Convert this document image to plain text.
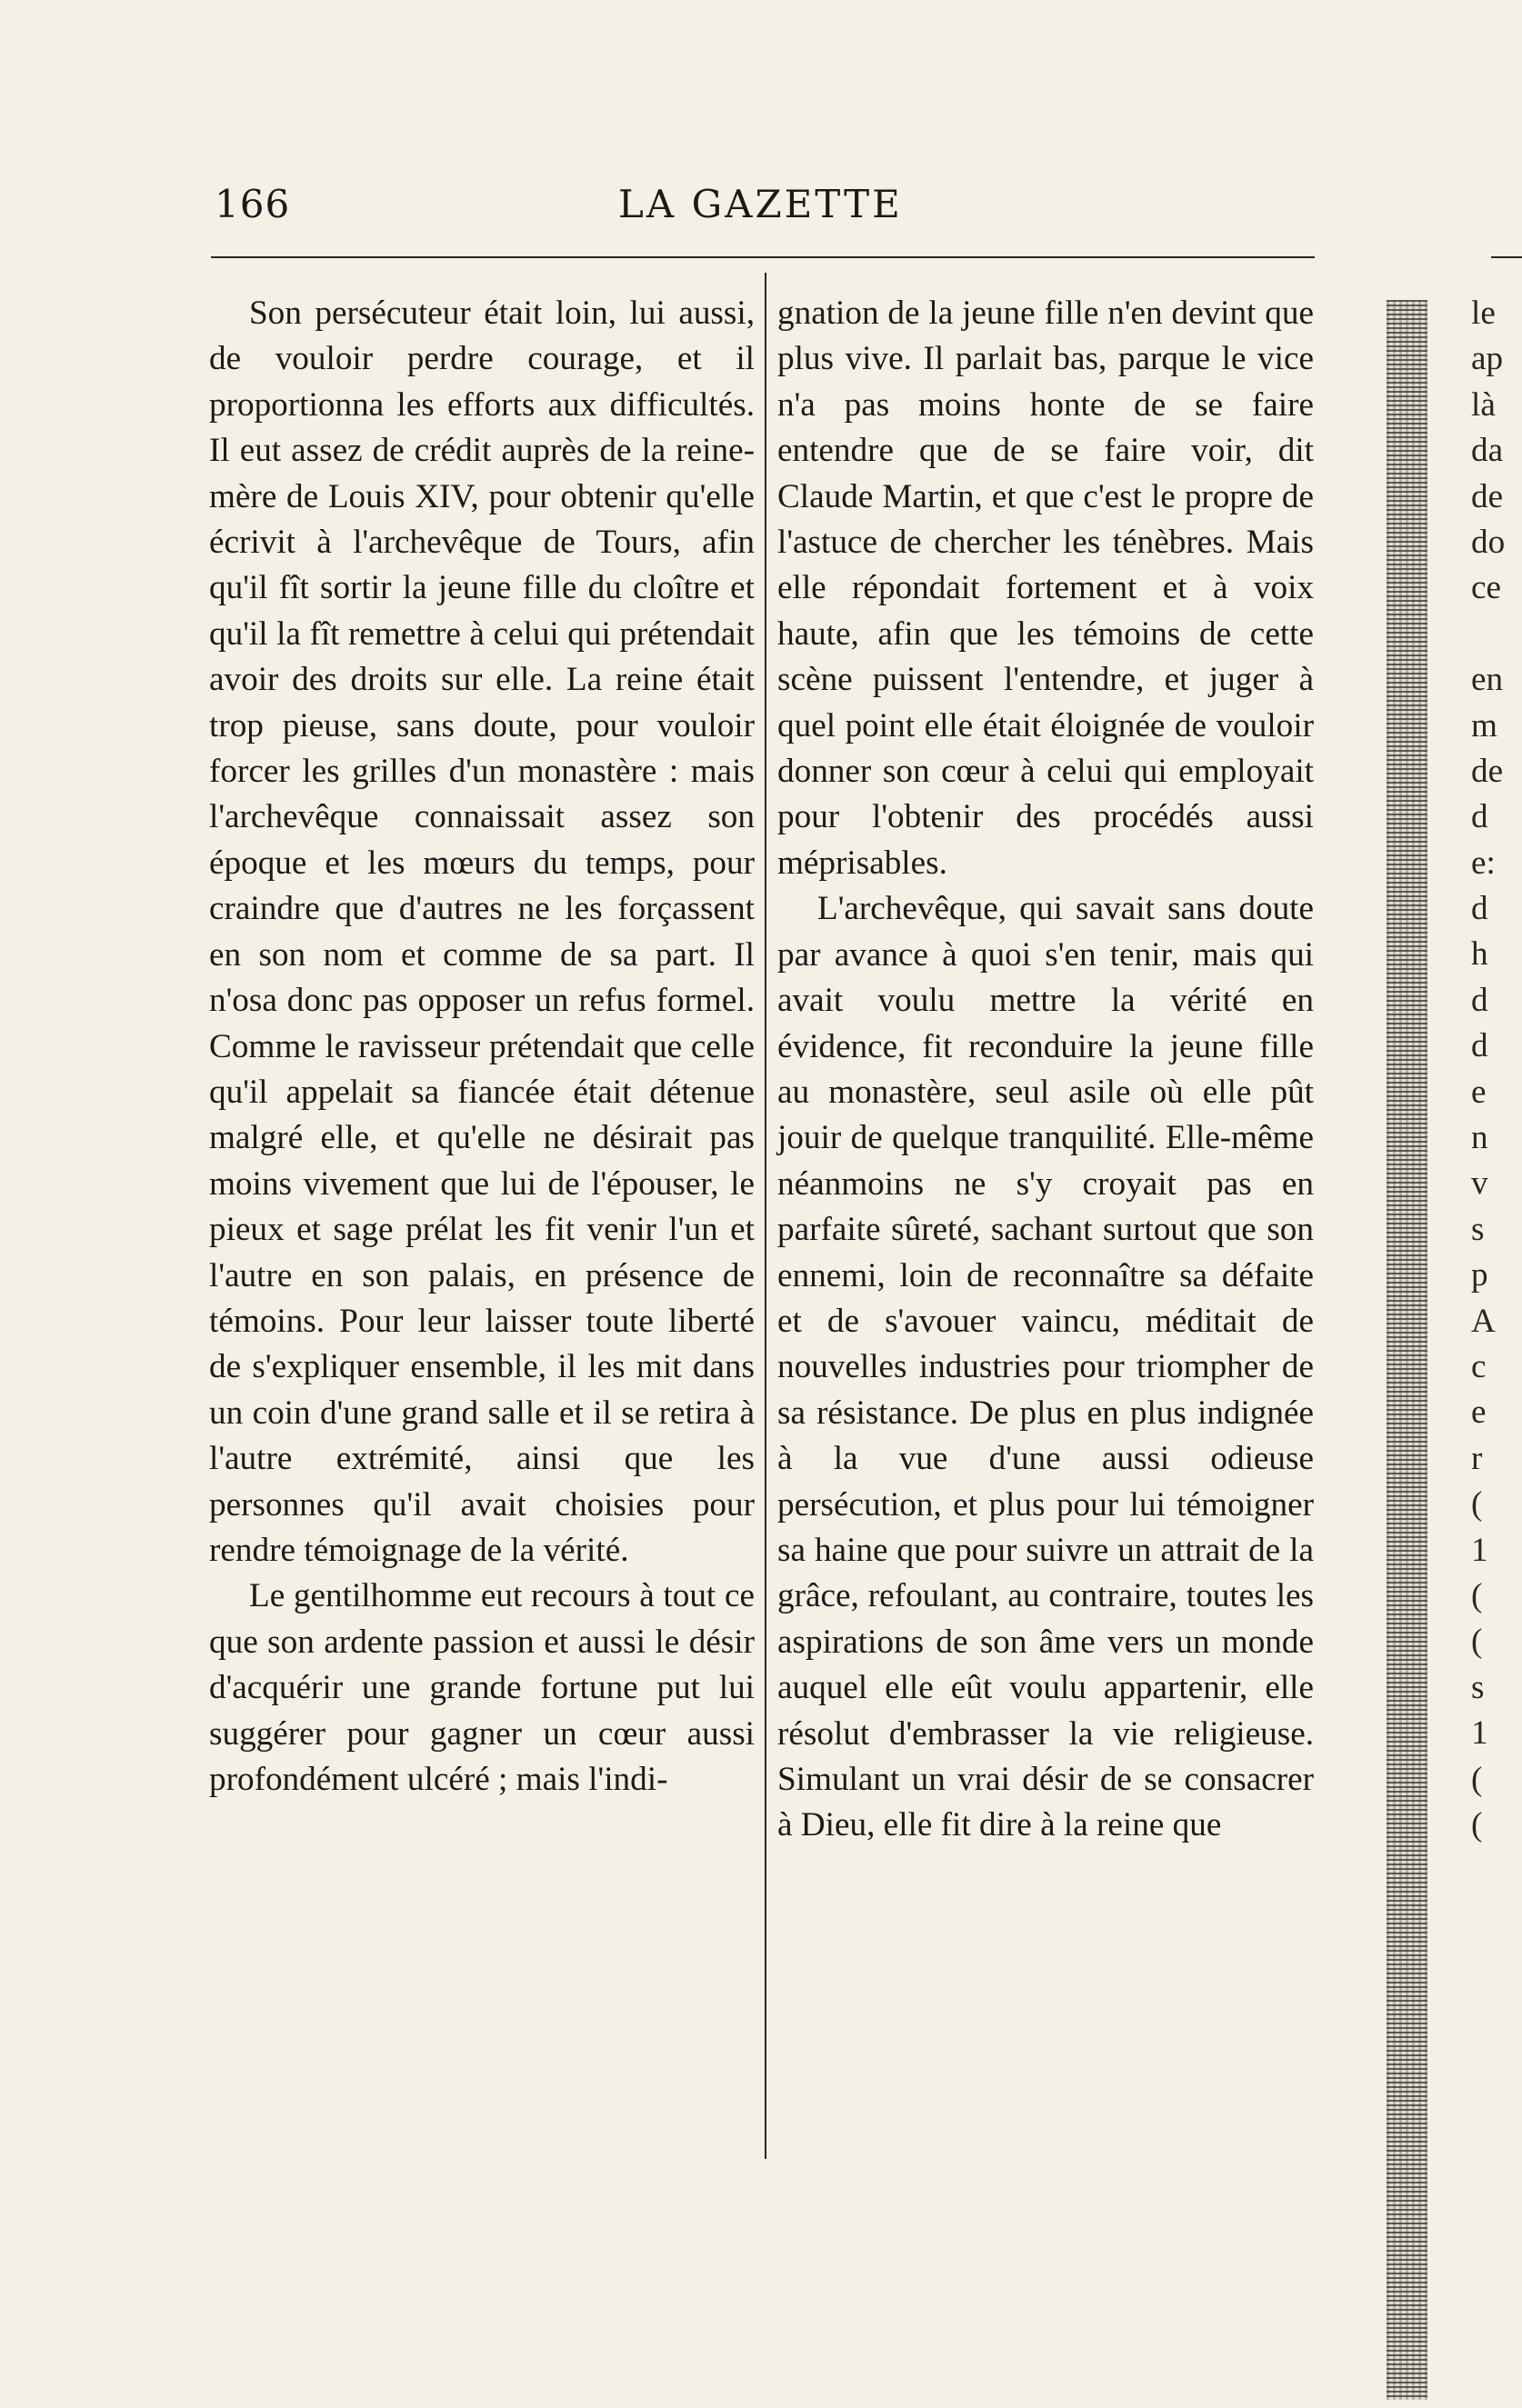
166	LA GAZETTE

Son persécuteur était loin, lui aussi, de vouloir perdre courage, et il proportionna les efforts aux difficultés. Il eut assez de crédit auprès de la reine-mère de Louis XIV, pour obtenir qu'elle écrivit à l'archevêque de Tours, afin qu'il fît sortir la jeune fille du cloître et qu'il la fît remettre à celui qui prétendait avoir des droits sur elle. La reine était trop pieuse, sans doute, pour vouloir forcer les grilles d'un monastère : mais l'archevêque connaissait assez son époque et les mœurs du temps, pour craindre que d'autres ne les forçassent en son nom et comme de sa part. Il n'osa donc pas opposer un refus formel. Comme le ravisseur prétendait que celle qu'il appelait sa fiancée était détenue malgré elle, et qu'elle ne désirait pas moins vivement que lui de l'épouser, le pieux et sage prélat les fit venir l'un et l'autre en son palais, en présence de témoins. Pour leur laisser toute liberté de s'expliquer ensemble, il les mit dans un coin d'une grand salle et il se retira à l'autre extrémité, ainsi que les personnes qu'il avait choisies pour rendre témoignage de la vérité.

Le gentilhomme eut recours à tout ce que son ardente passion et aussi le désir d'acquérir une grande fortune put lui suggérer pour gagner un cœur aussi profondément ulcéré ; mais l'indi-

gnation de la jeune fille n'en devint que plus vive. Il parlait bas, parque le vice n'a pas moins honte de se faire entendre que de se faire voir, dit Claude Martin, et que c'est le propre de l'astuce de chercher les ténèbres. Mais elle répondait fortement et à voix haute, afin que les témoins de cette scène puissent l'entendre, et juger à quel point elle était éloignée de vouloir donner son cœur à celui qui employait pour l'obtenir des procédés aussi méprisables.

L'archevêque, qui savait sans doute par avance à quoi s'en tenir, mais qui avait voulu mettre la vérité en évidence, fit reconduire la jeune fille au monastère, seul asile où elle pût jouir de quelque tranquilité. Elle-même néanmoins ne s'y croyait pas en parfaite sûreté, sachant surtout que son ennemi, loin de reconnaître sa défaite et de s'avouer vaincu, méditait de nouvelles industries pour triompher de sa résistance. De plus en plus indignée à la vue d'une aussi odieuse persécution, et plus pour lui témoigner sa haine que pour suivre un attrait de la grâce, refoulant, au contraire, toutes les aspirations de son âme vers un monde auquel elle eût voulu appartenir, elle résolut d'embrasser la vie religieuse. Simulant un vrai désir de se consacrer à Dieu, elle fit dire à la reine que

le
ap
là
da
de
do
ce
en
m
de
d
e:
d
h
d
d
e
n
v
s
p
A
c
e
r
(
1
(
(
s
1
(
(
